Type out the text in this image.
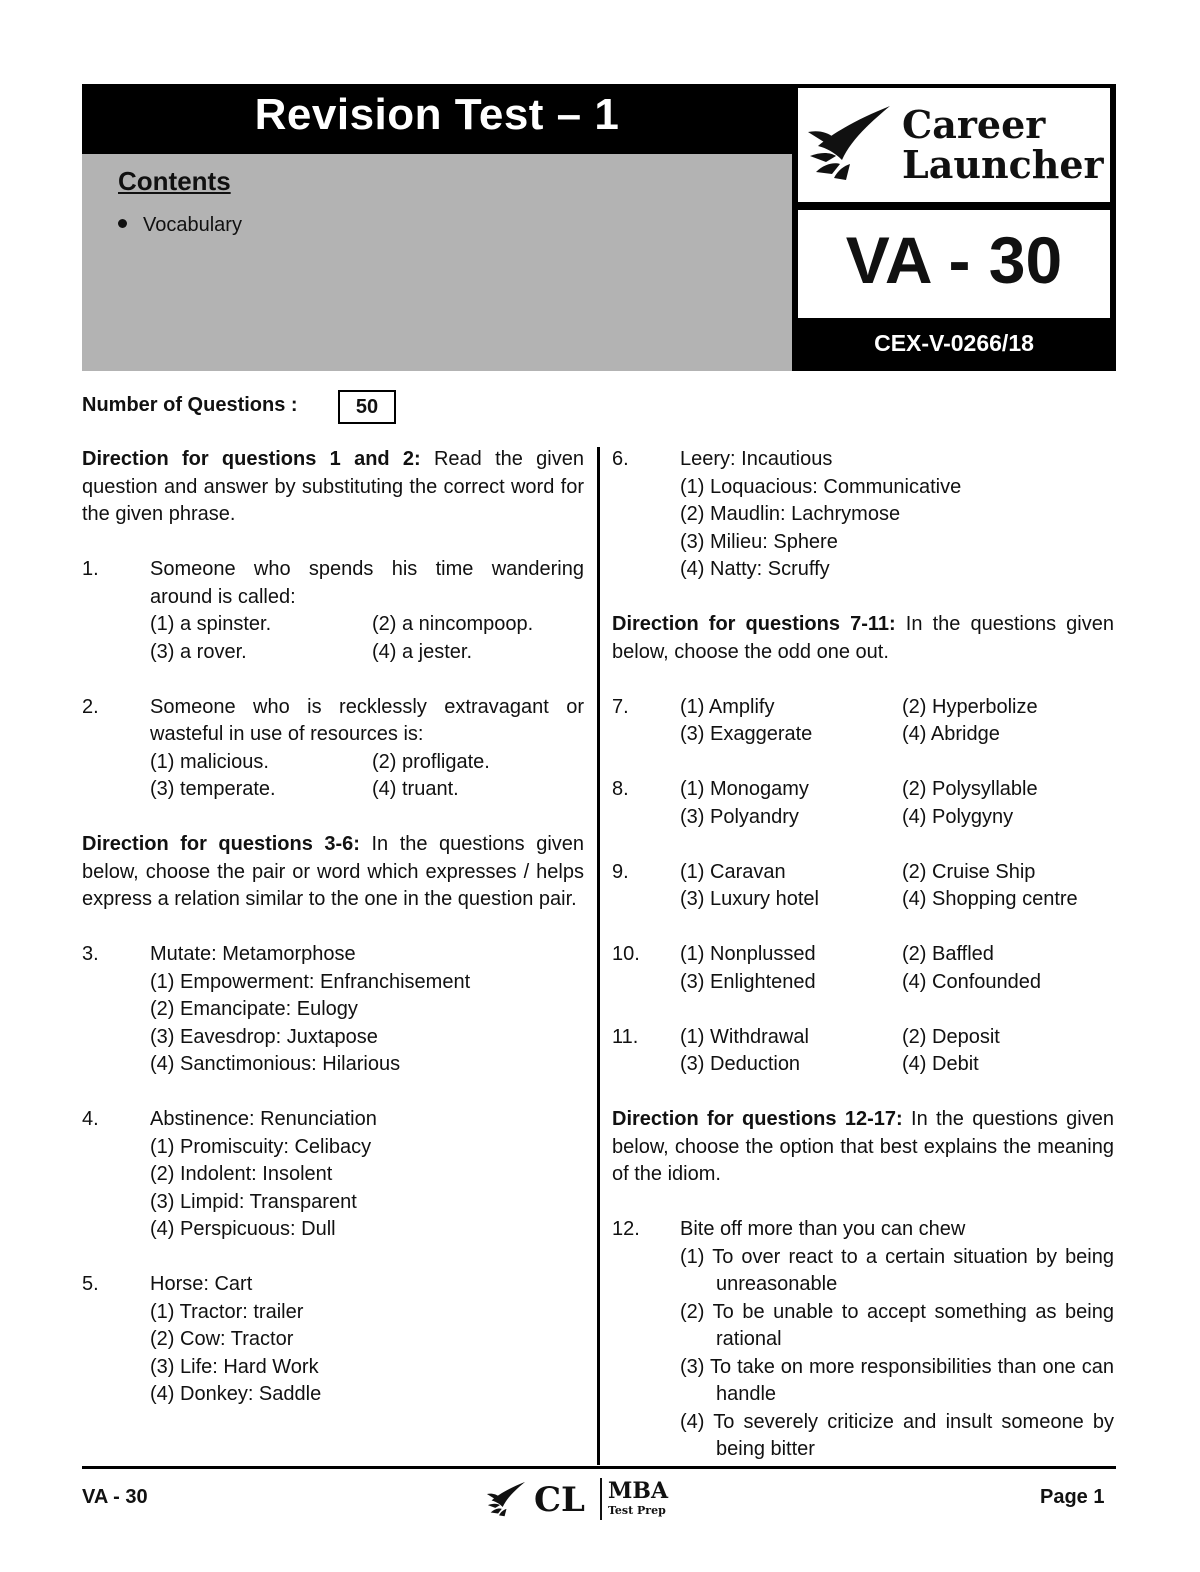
Revision Test – 1
Contents
Vocabulary
Career
Launcher
VA - 30
CEX-V-0266/18
Number of Questions :	50

Direction for questions 1 and 2: Read the given question and answer by substituting the correct word for the given phrase.

1.	Someone who spends his time wandering around is called:
(1) a spinster.	(2) a nincompoop.
(3) a rover.	(4) a jester.
2.	Someone who is recklessly extravagant or wasteful in use of resources is:
(1) malicious.	(2) profligate.
(3) temperate.	(4) truant.

Direction for questions 3-6: In the questions given below, choose the pair or word which expresses / helps express a relation similar to the one in the question pair.

3.	Mutate: Metamorphose
(1) Empowerment: Enfranchisement
(2) Emancipate: Eulogy
(3) Eavesdrop: Juxtapose
(4) Sanctimonious: Hilarious
4.	Abstinence: Renunciation
(1) Promiscuity: Celibacy
(2) Indolent: Insolent
(3) Limpid: Transparent
(4) Perspicuous: Dull
5.	Horse: Cart
(1) Tractor: trailer
(2) Cow: Tractor
(3) Life: Hard Work
(4) Donkey: Saddle
6.	Leery: Incautious
(1) Loquacious: Communicative
(2) Maudlin: Lachrymose
(3) Milieu: Sphere
(4) Natty: Scruffy

Direction for questions 7-11: In the questions given below, choose the odd one out.

7.	(1) Amplify	(2) Hyperbolize
(3) Exaggerate	(4) Abridge
8.	(1) Monogamy	(2) Polysyllable
(3) Polyandry	(4) Polygyny
9.	(1) Caravan	(2) Cruise Ship
(3) Luxury hotel	(4) Shopping centre
10. (1) Nonplussed	(2) Baffled
(3) Enlightened	(4) Confounded
11. (1) Withdrawal	(2) Deposit
(3) Deduction	(4) Debit

Direction for questions 12-17: In the questions given below, choose the option that best explains the meaning of the idiom.

12. Bite off more than you can chew
(1) To over react to a certain situation by being unreasonable
(2) To be unable to accept something as being rational
(3) To take on more responsibilities than one can handle
(4) To severely criticize and insult someone by being bitter
VA - 30	CL MBA
Test Prep
Page 1
